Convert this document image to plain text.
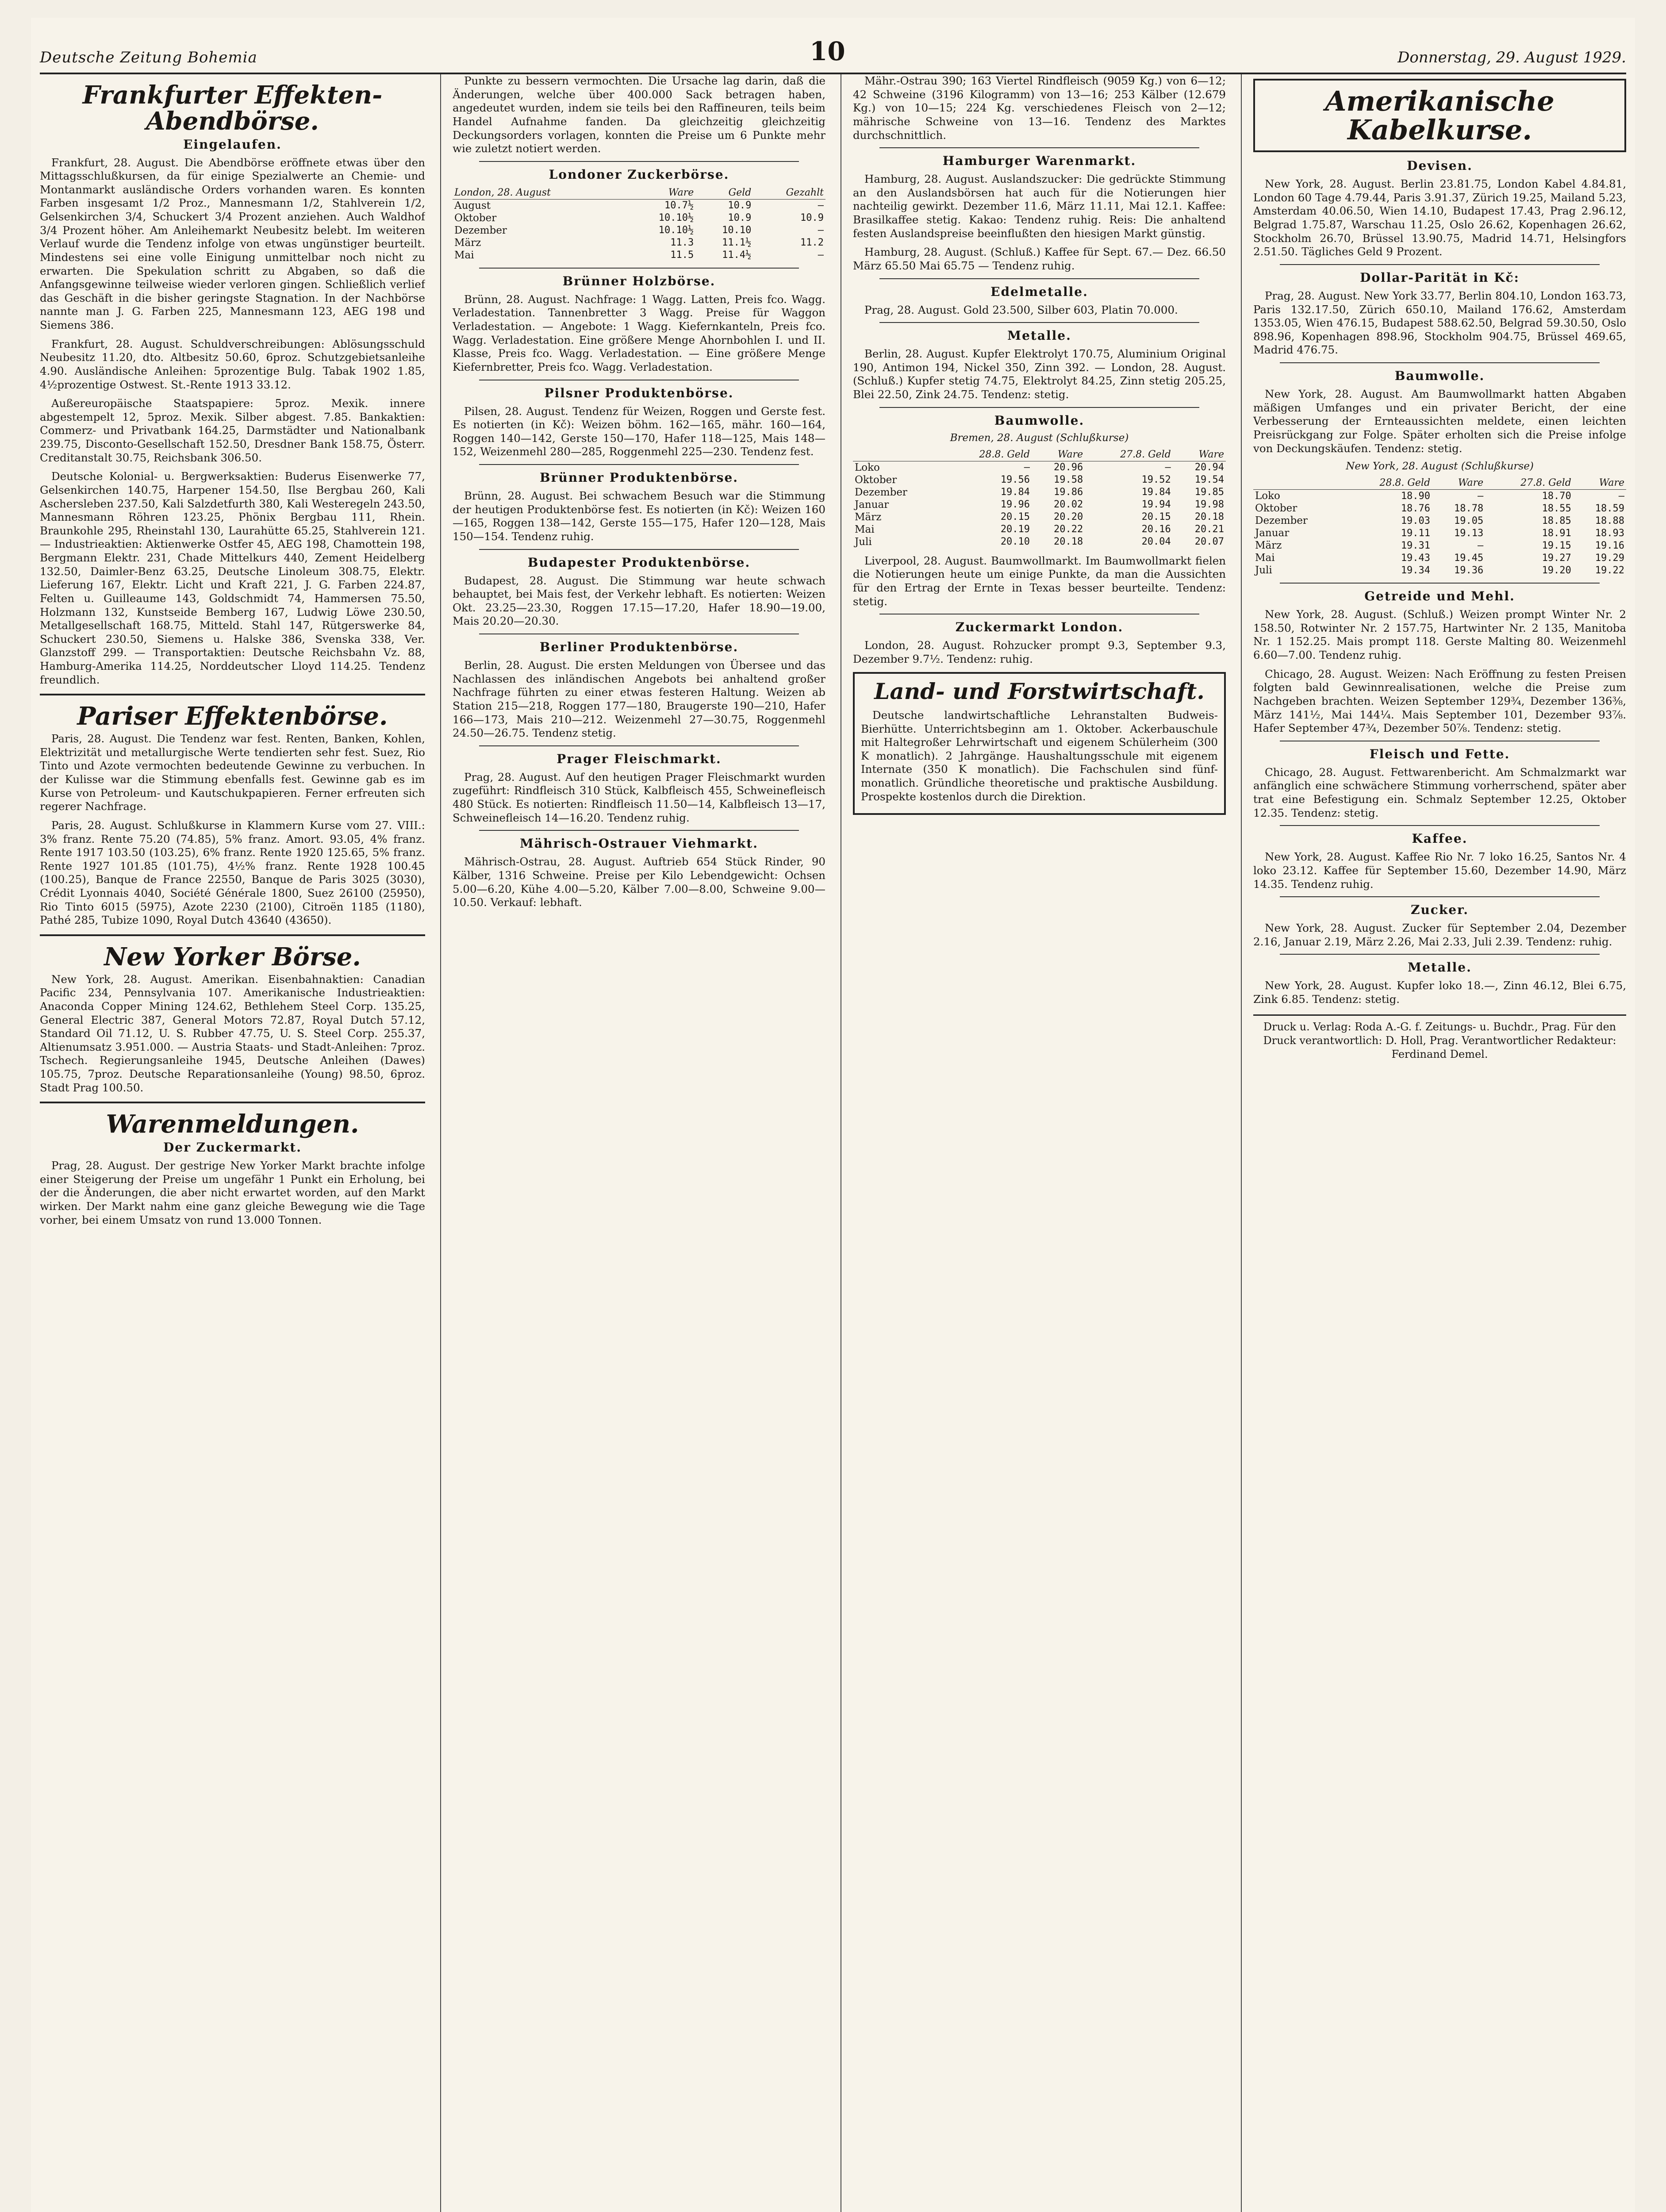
Deutsche Zeitung Bohemia	10	Donnerstag, 29. August 1929.
Frankfurter Effekten-Abendbörse.
Eingelaufen.

Frankfurt, 28. August. Die Abendbörse eröffnete etwas über den Mittagsschlußkursen, da für einige Spezialwerte an Chemie- und Montanmarkt ausländische Orders vorhanden waren. Es konnten Farben insgesamt 1/2 Proz., Mannesmann 1/2, Stahlverein 1/2, Gelsenkirchen 3/4, Schuckert 3/4 Prozent anziehen. Auch Waldhof 3/4 Prozent höher. Am Anleihemarkt Neubesitz belebt. Im weiteren Verlauf wurde die Tendenz infolge von etwas ungünstiger beurteilt. Mindestens sei eine volle Einigung unmittelbar noch nicht zu erwarten. Die Spekulation schritt zu Abgaben, so daß die Anfangsgewinne teilweise wieder verloren gingen. Schließlich verlief das Geschäft in die bisher geringste Stagnation. In der Nachbörse nannte man J. G. Farben 225, Mannesmann 123, AEG 198 und Siemens 386.

Frankfurt, 28. August. Schuldverschreibungen: Ablösungsschuld Neubesitz 11.20, dto. Altbesitz 50.60, 6proz. Schutzgebietsanleihe 4.90. Ausländische Anleihen: 5prozentige Bulg. Tabak 1902 1.85, 4½prozentige Ostwest. St.-Rente 1913 33.12.

Außereuropäische Staatspapiere: 5proz. Mexik. innere abgestempelt 12, 5proz. Mexik. Silber abgest. 7.85. Bankaktien: Commerz- und Privatbank 164.25, Darmstädter und Nationalbank 239.75, Disconto-Gesellschaft 152.50, Dresdner Bank 158.75, Österr. Creditanstalt 30.75, Reichsbank 306.50.

Deutsche Kolonial- u. Bergwerksaktien: Buderus Eisenwerke 77, Gelsenkirchen 140.75, Harpener 154.50, Ilse Bergbau 260, Kali Aschersleben 237.50, Kali Salzdetfurth 380, Kali Westeregeln 243.50, Mannesmann Röhren 123.25, Phönix Bergbau 111, Rhein. Braunkohle 295, Rheinstahl 130, Laurahütte 65.25, Stahlverein 121. — Industrieaktien: Aktienwerke Ostfer 45, AEG 198, Chamottein 198, Bergmann Elektr. 231, Chade Mittelkurs 440, Zement Heidelberg 132.50, Daimler-Benz 63.25, Deutsche Linoleum 308.75, Elektr. Lieferung 167, Elektr. Licht und Kraft 221, J. G. Farben 224.87, Felten u. Guilleaume 143, Goldschmidt 74, Hammersen 75.50, Holzmann 132, Kunstseide Bemberg 167, Ludwig Löwe 230.50, Metallgesellschaft 168.75, Mitteld. Stahl 147, Rütgerswerke 84, Schuckert 230.50, Siemens u. Halske 386, Svenska 338, Ver. Glanzstoff 299. — Transportaktien: Deutsche Reichsbahn Vz. 88, Hamburg-Amerika 114.25, Norddeutscher Lloyd 114.25. Tendenz freundlich.

Pariser Effektenbörse.

Paris, 28. August. Die Tendenz war fest. Renten, Banken, Kohlen, Elektrizität und metallurgische Werte tendierten sehr fest. Suez, Rio Tinto und Azote vermochten bedeutende Gewinne zu verbuchen. In der Kulisse war die Stimmung ebenfalls fest. Gewinne gab es im Kurse von Petroleum- und Kautschukpapieren. Ferner erfreuten sich regerer Nachfrage.

Paris, 28. August. Schlußkurse in Klammern Kurse vom 27. VIII.: 3% franz. Rente 75.20 (74.85), 5% franz. Amort. 93.05, 4% franz. Rente 1917 103.50 (103.25), 6% franz. Rente 1920 125.65, 5% franz. Rente 1927 101.85 (101.75), 4½% franz. Rente 1928 100.45 (100.25), Banque de France 22550, Banque de Paris 3025 (3030), Crédit Lyonnais 4040, Société Générale 1800, Suez 26100 (25950), Rio Tinto 6015 (5975), Azote 2230 (2100), Citroën 1185 (1180), Pathé 285, Tubize 1090, Royal Dutch 43640 (43650).

New Yorker Börse.

New York, 28. August. Amerikan. Eisenbahnaktien: Canadian Pacific 234, Pennsylvania 107. Amerikanische Industrieaktien: Anaconda Copper Mining 124.62, Bethlehem Steel Corp. 135.25, General Electric 387, General Motors 72.87, Royal Dutch 57.12, Standard Oil 71.12, U. S. Rubber 47.75, U. S. Steel Corp. 255.37, Altienumsatz 3.951.000. — Austria Staats- und Stadt-Anleihen: 7proz. Tschech. Regierungsanleihe 1945, Deutsche Anleihen (Dawes) 105.75, 7proz. Deutsche Reparationsanleihe (Young) 98.50, 6proz. Stadt Prag 100.50.

Warenmeldungen.
Der Zuckermarkt.

Prag, 28. August. Der gestrige New Yorker Markt brachte infolge einer Steigerung der Preise um ungefähr 1 Punkt ein Erholung, bei der die Änderungen, die aber nicht erwartet worden, auf den Markt wirken. Der Markt nahm eine ganz gleiche Bewegung wie die Tage vorher, bei einem Umsatz von rund 13.000 Tonnen.

Punkte zu bessern vermochten. Die Ursache lag darin, daß die Änderungen, welche über 400.000 Sack betragen haben, angedeutet wurden, indem sie teils bei den Raffineuren, teils beim Handel Aufnahme fanden. Da gleichzeitig gleichzeitig Deckungsorders vorlagen, konnten die Preise um 6 Punkte mehr wie zuletzt notiert werden.

Londoner Zuckerbörse.
London, 28. August	Ware	Geld	Gezahlt
August	10.7½	10.9	—
Oktober	10.10½	10.9	10.9
Dezember	10.10½	10.10	—
März	11.3	11.1½	11.2
Mai	11.5	11.4½	—
Brünner Holzbörse.

Brünn, 28. August. Nachfrage: 1 Wagg. Latten, Preis fco. Wagg. Verladestation. Tannenbretter 3 Wagg. Preise für Waggon Verladestation. — Angebote: 1 Wagg. Kiefernkanteln, Preis fco. Wagg. Verladestation. Eine größere Menge Ahornbohlen I. und II. Klasse, Preis fco. Wagg. Verladestation. — Eine größere Menge Kiefernbretter, Preis fco. Wagg. Verladestation.

Pilsner Produktenbörse.

Pilsen, 28. August. Tendenz für Weizen, Roggen und Gerste fest. Es notierten (in Kč): Weizen böhm. 162—165, mähr. 160—164, Roggen 140—142, Gerste 150—170, Hafer 118—125, Mais 148—152, Weizenmehl 280—285, Roggenmehl 225—230. Tendenz fest.

Brünner Produktenbörse.

Brünn, 28. August. Bei schwachem Besuch war die Stimmung der heutigen Produktenbörse fest. Es notierten (in Kč): Weizen 160—165, Roggen 138—142, Gerste 155—175, Hafer 120—128, Mais 150—154. Tendenz ruhig.

Budapester Produktenbörse.

Budapest, 28. August. Die Stimmung war heute schwach behauptet, bei Mais fest, der Verkehr lebhaft. Es notierten: Weizen Okt. 23.25—23.30, Roggen 17.15—17.20, Hafer 18.90—19.00, Mais 20.20—20.30.

Berliner Produktenbörse.

Berlin, 28. August. Die ersten Meldungen von Übersee und das Nachlassen des inländischen Angebots bei anhaltend großer Nachfrage führten zu einer etwas festeren Haltung. Weizen ab Station 215—218, Roggen 177—180, Braugerste 190—210, Hafer 166—173, Mais 210—212. Weizenmehl 27—30.75, Roggenmehl 24.50—26.75. Tendenz stetig.

Prager Fleischmarkt.

Prag, 28. August. Auf den heutigen Prager Fleischmarkt wurden zugeführt: Rindfleisch 310 Stück, Kalbfleisch 455, Schweinefleisch 480 Stück. Es notierten: Rindfleisch 11.50—14, Kalbfleisch 13—17, Schweinefleisch 14—16.20. Tendenz ruhig.

Mährisch-Ostrauer Viehmarkt.

Mährisch-Ostrau, 28. August. Auftrieb 654 Stück Rinder, 90 Kälber, 1316 Schweine. Preise per Kilo Lebendgewicht: Ochsen 5.00—6.20, Kühe 4.00—5.20, Kälber 7.00—8.00, Schweine 9.00—10.50. Verkauf: lebhaft.

Mähr.-Ostrau 390; 163 Viertel Rindfleisch (9059 Kg.) von 6—12; 42 Schweine (3196 Kilogramm) von 13—16; 253 Kälber (12.679 Kg.) von 10—15; 224 Kg. verschiedenes Fleisch von 2—12; mährische Schweine von 13—16. Tendenz des Marktes durchschnittlich.

Hamburger Warenmarkt.

Hamburg, 28. August. Auslandszucker: Die gedrückte Stimmung an den Auslandsbörsen hat auch für die Notierungen hier nachteilig gewirkt. Dezember 11.6, März 11.11, Mai 12.1. Kaffee: Brasilkaffee stetig. Kakao: Tendenz ruhig. Reis: Die anhaltend festen Auslandspreise beeinflußten den hiesigen Markt günstig.

Hamburg, 28. August. (Schluß.) Kaffee für Sept. 67.— Dez. 66.50 März 65.50 Mai 65.75 — Tendenz ruhig.

Edelmetalle.

Prag, 28. August. Gold 23.500, Silber 603, Platin 70.000.

Metalle.

Berlin, 28. August. Kupfer Elektrolyt 170.75, Aluminium Original 190, Antimon 194, Nickel 350, Zinn 392. — London, 28. August. (Schluß.) Kupfer stetig 74.75, Elektrolyt 84.25, Zinn stetig 205.25, Blei 22.50, Zink 24.75. Tendenz: stetig.

Baumwolle.
Bremen, 28. August (Schlußkurse)
	28.8. Geld	Ware	27.8. Geld	Ware
Loko	—	20.96	—	20.94
Oktober	19.56	19.58	19.52	19.54
Dezember	19.84	19.86	19.84	19.85
Januar	19.96	20.02	19.94	19.98
März	20.15	20.20	20.15	20.18
Mai	20.19	20.22	20.16	20.21
Juli	20.10	20.18	20.04	20.07

Liverpool, 28. August. Baumwollmarkt. Im Baumwollmarkt fielen die Notierungen heute um einige Punkte, da man die Aussichten für den Ertrag der Ernte in Texas besser beurteilte. Tendenz: stetig.

Zuckermarkt London.

London, 28. August. Rohzucker prompt 9.3, September 9.3, Dezember 9.7½. Tendenz: ruhig.

Land- und Forstwirtschaft.

Deutsche landwirtschaftliche Lehranstalten Budweis-Bierhütte. Unterrichtsbeginn am 1. Oktober. Ackerbauschule mit Haltegroßer Lehrwirtschaft und eigenem Schülerheim (300 K monatlich). 2 Jahrgänge. Haushaltungsschule mit eigenem Internate (350 K monatlich). Die Fachschulen sind fünf-monatlich. Gründliche theoretische und praktische Ausbildung. Prospekte kostenlos durch die Direktion.

Amerikanische Kabelkurse.
Devisen.

New York, 28. August. Berlin 23.81.75, London Kabel 4.84.81, London 60 Tage 4.79.44, Paris 3.91.37, Zürich 19.25, Mailand 5.23, Amsterdam 40.06.50, Wien 14.10, Budapest 17.43, Prag 2.96.12, Belgrad 1.75.87, Warschau 11.25, Oslo 26.62, Kopenhagen 26.62, Stockholm 26.70, Brüssel 13.90.75, Madrid 14.71, Helsingfors 2.51.50. Tägliches Geld 9 Prozent.

Dollar-Parität in Kč:

Prag, 28. August. New York 33.77, Berlin 804.10, London 163.73, Paris 132.17.50, Zürich 650.10, Mailand 176.62, Amsterdam 1353.05, Wien 476.15, Budapest 588.62.50, Belgrad 59.30.50, Oslo 898.96, Kopenhagen 898.96, Stockholm 904.75, Brüssel 469.65, Madrid 476.75.

Baumwolle.

New York, 28. August. Am Baumwollmarkt hatten Abgaben mäßigen Umfanges und ein privater Bericht, der eine Verbesserung der Ernteaussichten meldete, einen leichten Preisrückgang zur Folge. Später erholten sich die Preise infolge von Deckungskäufen. Tendenz: stetig.

New York, 28. August (Schlußkurse)
	28.8. Geld	Ware	27.8. Geld	Ware
Loko	18.90	—	18.70	—
Oktober	18.76	18.78	18.55	18.59
Dezember	19.03	19.05	18.85	18.88
Januar	19.11	19.13	18.91	18.93
März	19.31	—	19.15	19.16
Mai	19.43	19.45	19.27	19.29
Juli	19.34	19.36	19.20	19.22
Getreide und Mehl.

New York, 28. August. (Schluß.) Weizen prompt Winter Nr. 2 158.50, Rotwinter Nr. 2 157.75, Hartwinter Nr. 2 135, Manitoba Nr. 1 152.25. Mais prompt 118. Gerste Malting 80. Weizenmehl 6.60—7.00. Tendenz ruhig.

Chicago, 28. August. Weizen: Nach Eröffnung zu festen Preisen folgten bald Gewinnrealisationen, welche die Preise zum Nachgeben brachten. Weizen September 129¾, Dezember 136⅜, März 141½, Mai 144¼. Mais September 101, Dezember 93⅞. Hafer September 47¾, Dezember 50⅞. Tendenz: stetig.

Fleisch und Fette.

Chicago, 28. August. Fettwarenbericht. Am Schmalzmarkt war anfänglich eine schwächere Stimmung vorherrschend, später aber trat eine Befestigung ein. Schmalz September 12.25, Oktober 12.35. Tendenz: stetig.

Kaffee.

New York, 28. August. Kaffee Rio Nr. 7 loko 16.25, Santos Nr. 4 loko 23.12. Kaffee für September 15.60, Dezember 14.90, März 14.35. Tendenz ruhig.

Zucker.

New York, 28. August. Zucker für September 2.04, Dezember 2.16, Januar 2.19, März 2.26, Mai 2.33, Juli 2.39. Tendenz: ruhig.

Metalle.

New York, 28. August. Kupfer loko 18.—, Zinn 46.12, Blei 6.75, Zink 6.85. Tendenz: stetig.

Druck u. Verlag: Roda A.-G. f. Zeitungs- u. Buchdr., Prag. Für den Druck verantwortlich: D. Holl, Prag. Verantwortlicher Redakteur: Ferdinand Demel.
